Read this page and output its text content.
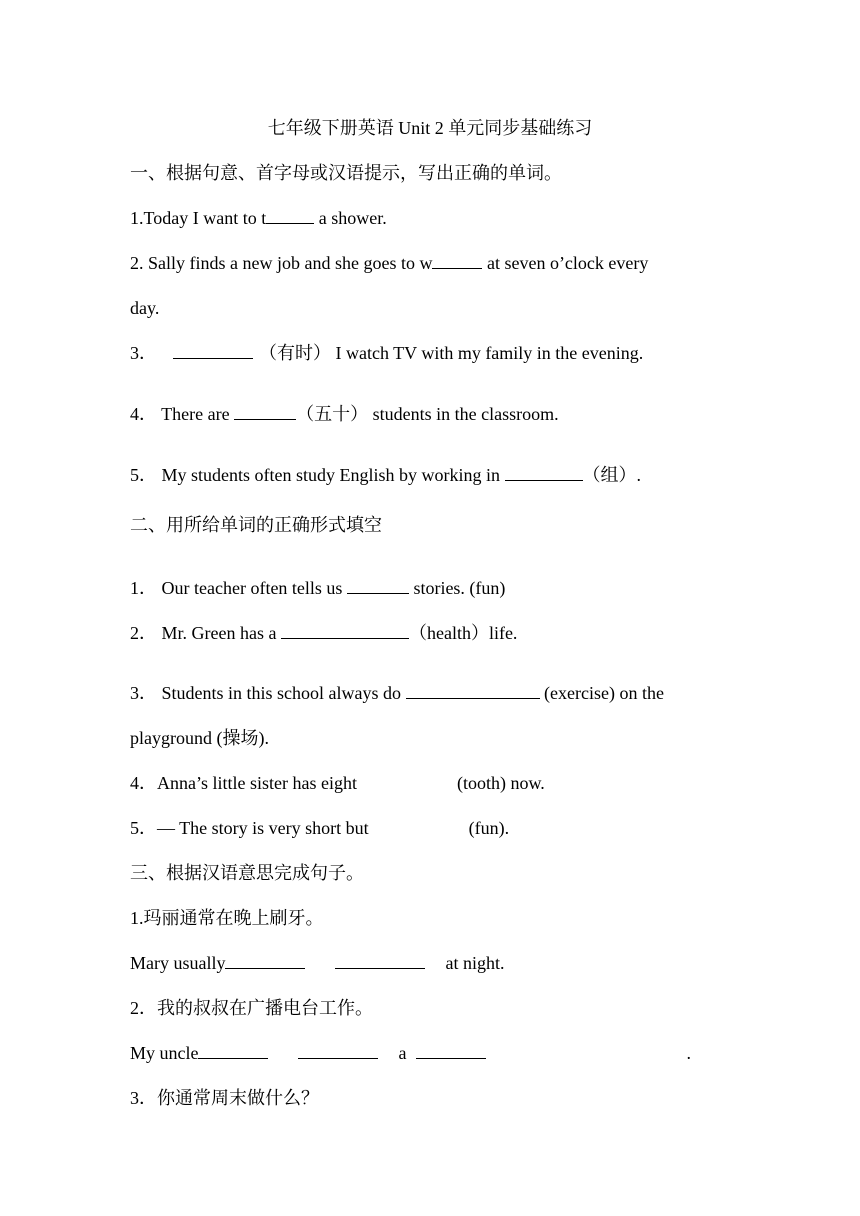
七年级下册英语 Unit 2 单元同步基础练习
一、根据句意、首字母或汉语提示，写出正确的单词。
1.Today I want to t	a shower.
2. Sally finds a new job and she goes to w	at seven o’clock every
day.
3．	（有时） I watch TV with my family in the evening.
4． There are	（五十） students in the classroom.
5． My students often study English by working in	（组）.
二、用所给单词的正确形式填空
1． Our teacher often tells us	stories. (fun)
2． Mr. Green has a	（health）life.
3． Students in this school always do	(exercise) on the
playground (操场).
4．Anna’s little sister has eight	(tooth) now.
5．— The story is very short but	(fun).
三、根据汉语意思完成句子。
1.玛丽通常在晚上刷牙。
Mary usually	at night.
2．我的叔叔在广播电台工作。
My uncle	a	.
3．你通常周末做什么？
